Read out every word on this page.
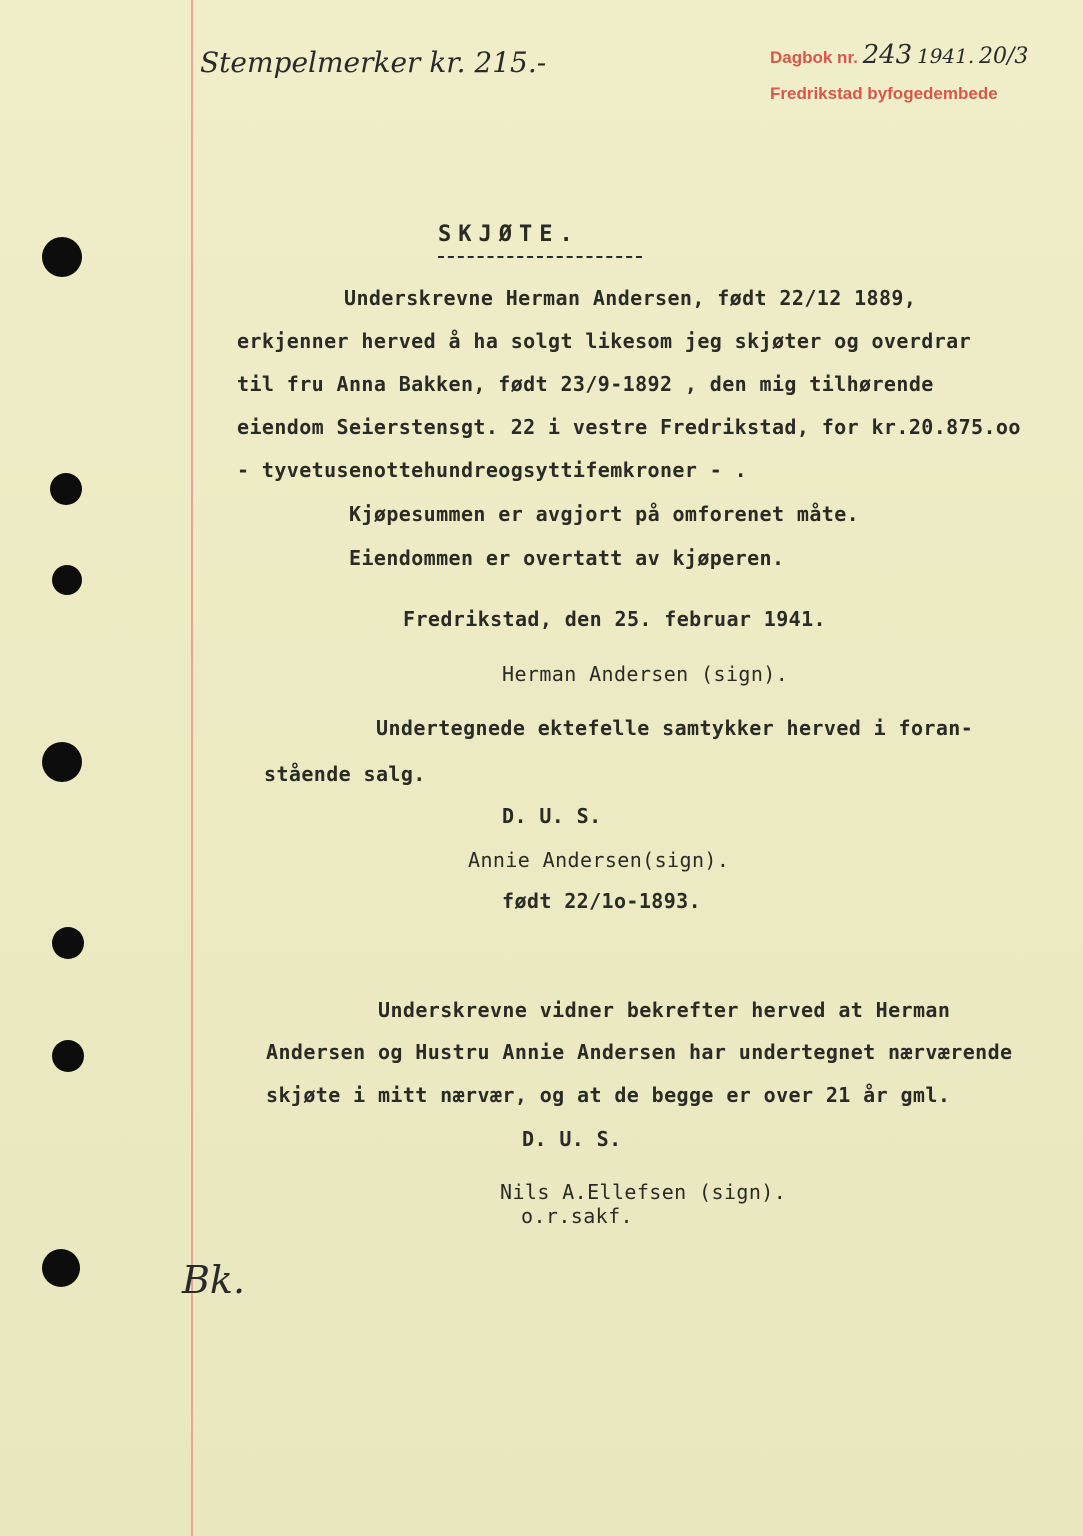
Stempelmerker kr. 215.-	Dagbok nr. 243 1941. 20/3
Fredrikstad byfogedembede
SKJØTE.
Underskrevne Herman Andersen, født 22/12 1889,
erkjenner herved å ha solgt likesom jeg skjøter og overdrar
til fru Anna Bakken, født 23/9-1892 , den mig tilhørende
eiendom Seierstensgt. 22 i vestre Fredrikstad, for kr.20.875.oo
- tyvetusenottehundreogsyttifemkroner - .
Kjøpesummen er avgjort på omforenet måte.
Eiendommen er overtatt av kjøperen.
Fredrikstad, den 25. februar 1941.
Herman Andersen (sign).
Undertegnede ektefelle samtykker herved i foran-
stående salg.
D. U. S.
Annie Andersen(sign).
født 22/1o-1893.
Underskrevne vidner bekrefter herved at Herman
Andersen og Hustru Annie Andersen har undertegnet nærværende
skjøte i mitt nærvær, og at de begge er over 21 år gml.
D. U. S.
Nils A.Ellefsen (sign).
o.r.sakf.
Bk.
